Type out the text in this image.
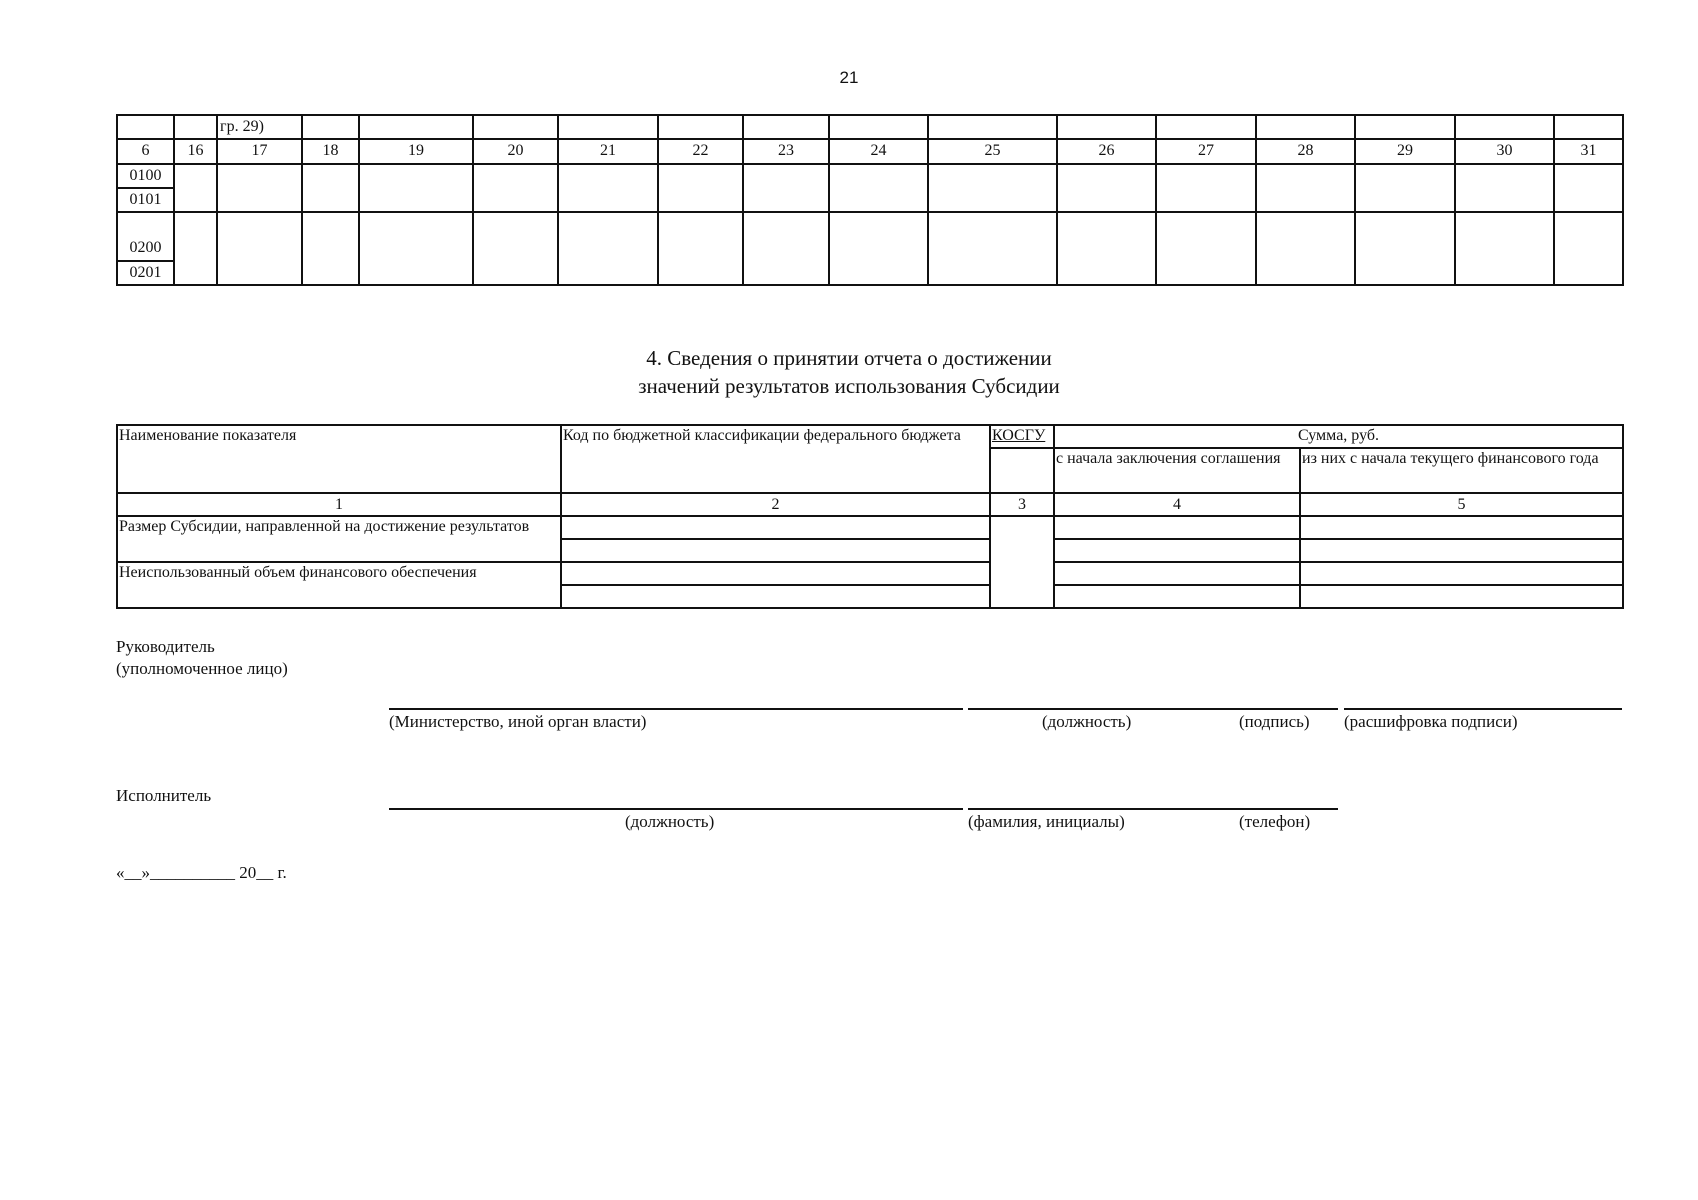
21
		гр. 29)														
6	16	17	18	19	20	21	22	23	24	25	26	27	28	29	30	31
0100																
0101																

0200																
0201																
4. Сведения о принятии отчета о достижении
значений результатов использования Субсидии
Наименование показателя	Код по бюджетной классификации федерального бюджета	КОСГУ	Сумма, руб.	
			с начала заключения соглашения	из них с начала текущего финансового года
1	2	3	4	5
Размер Субсидии, направленной на достижение результатов				

Неиспользованный объем финансового обеспечения				

Руководитель
(уполномоченное лицо)
(Министерство, иной орган власти)	(должность)	(подпись) (расшифровка подписи)
Исполнитель
(должность)	(фамилия, инициалы)	(телефон)
«__»__________ 20__ г.
